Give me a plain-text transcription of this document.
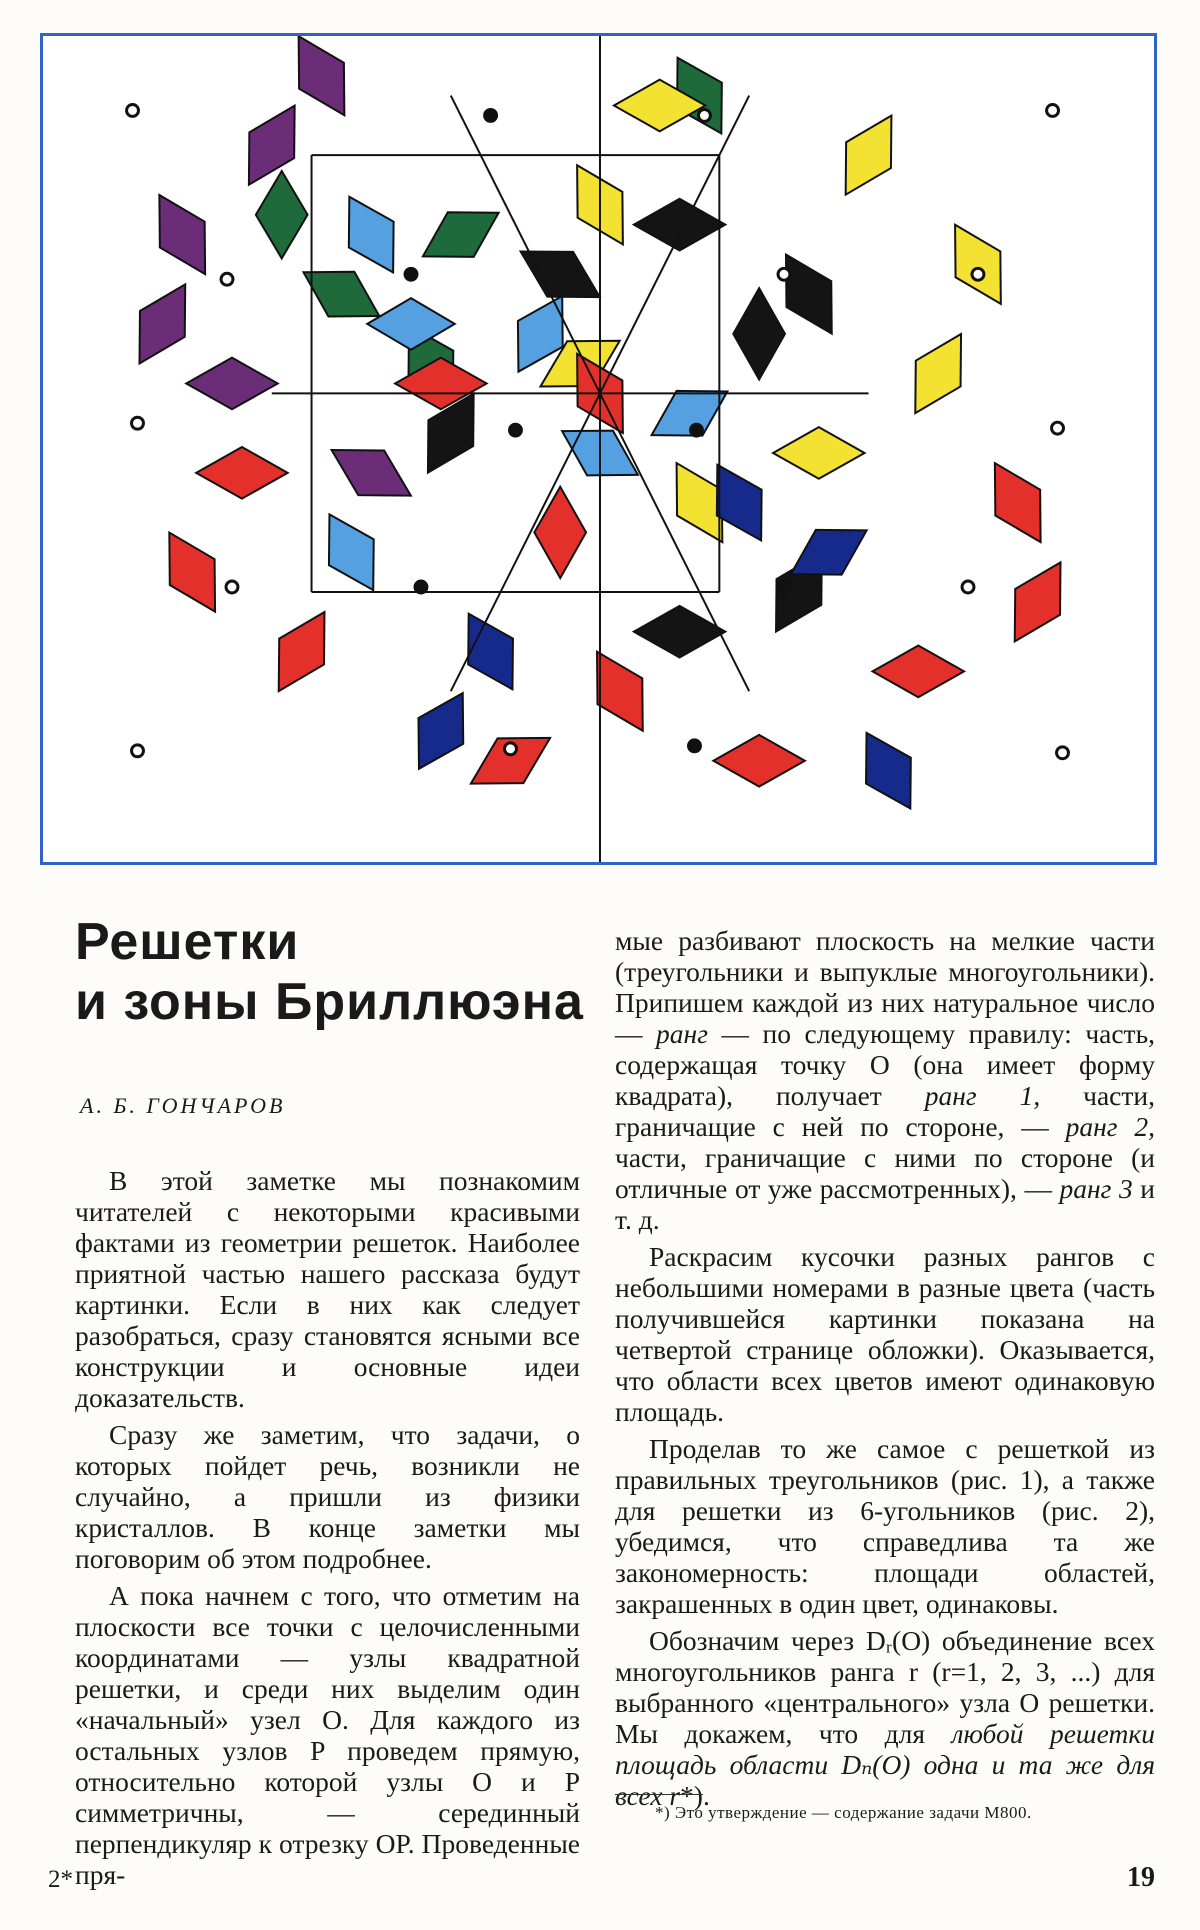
Решетки
и зоны Бриллюэна
А. Б. ГОНЧАРОВ

В этой заметке мы познакомим читателей с некоторыми красивыми фактами из геометрии решеток. Наиболее приятной частью нашего рассказа будут картинки. Если в них как следует разобраться, сразу становятся ясными все конструкции и основные идеи доказательств.

Сразу же заметим, что задачи, о которых пойдет речь, возникли не случайно, а пришли из физики кристаллов. В конце заметки мы поговорим об этом подробнее.

А пока начнем с того, что отметим на плоскости все точки с целочисленными координатами — узлы квадратной решетки, и среди них выделим один «начальный» узел O. Для каждого из остальных узлов P проведем прямую, относительно которой узлы O и P симметричны, — серединный перпендикуляр к отрезку OP. Проведенные пря-

мые разбивают плоскость на мелкие части (треугольники и выпуклые многоугольники). Припишем каждой из них натуральное число — ранг — по следующему правилу: часть, содержащая точку O (она имеет форму квадрата), получает ранг 1, части, граничащие с ней по стороне, — ранг 2, части, граничащие с ними по стороне (и отличные от уже рассмотренных), — ранг 3 и т. д.

Раскрасим кусочки разных рангов с небольшими номерами в разные цвета (часть получившейся картинки показана на четвертой странице обложки). Оказывается, что области всех цветов имеют одинаковую площадь.

Проделав то же самое с решеткой из правильных треугольников (рис. 1), а также для решетки из 6-угольников (рис. 2), убедимся, что справедлива та же закономерность: площади областей, закрашенных в один цвет, одинаковы.

Обозначим через Dᵣ(O) объединение всех многоугольников ранга r (r=1, 2, 3, ...) для выбранного «центрального» узла O решетки. Мы докажем, что для любой решетки площадь области Dₙ(O) одна и та же для всех r*).

*) Это утверждение — содержание задачи М800.
2*	19
